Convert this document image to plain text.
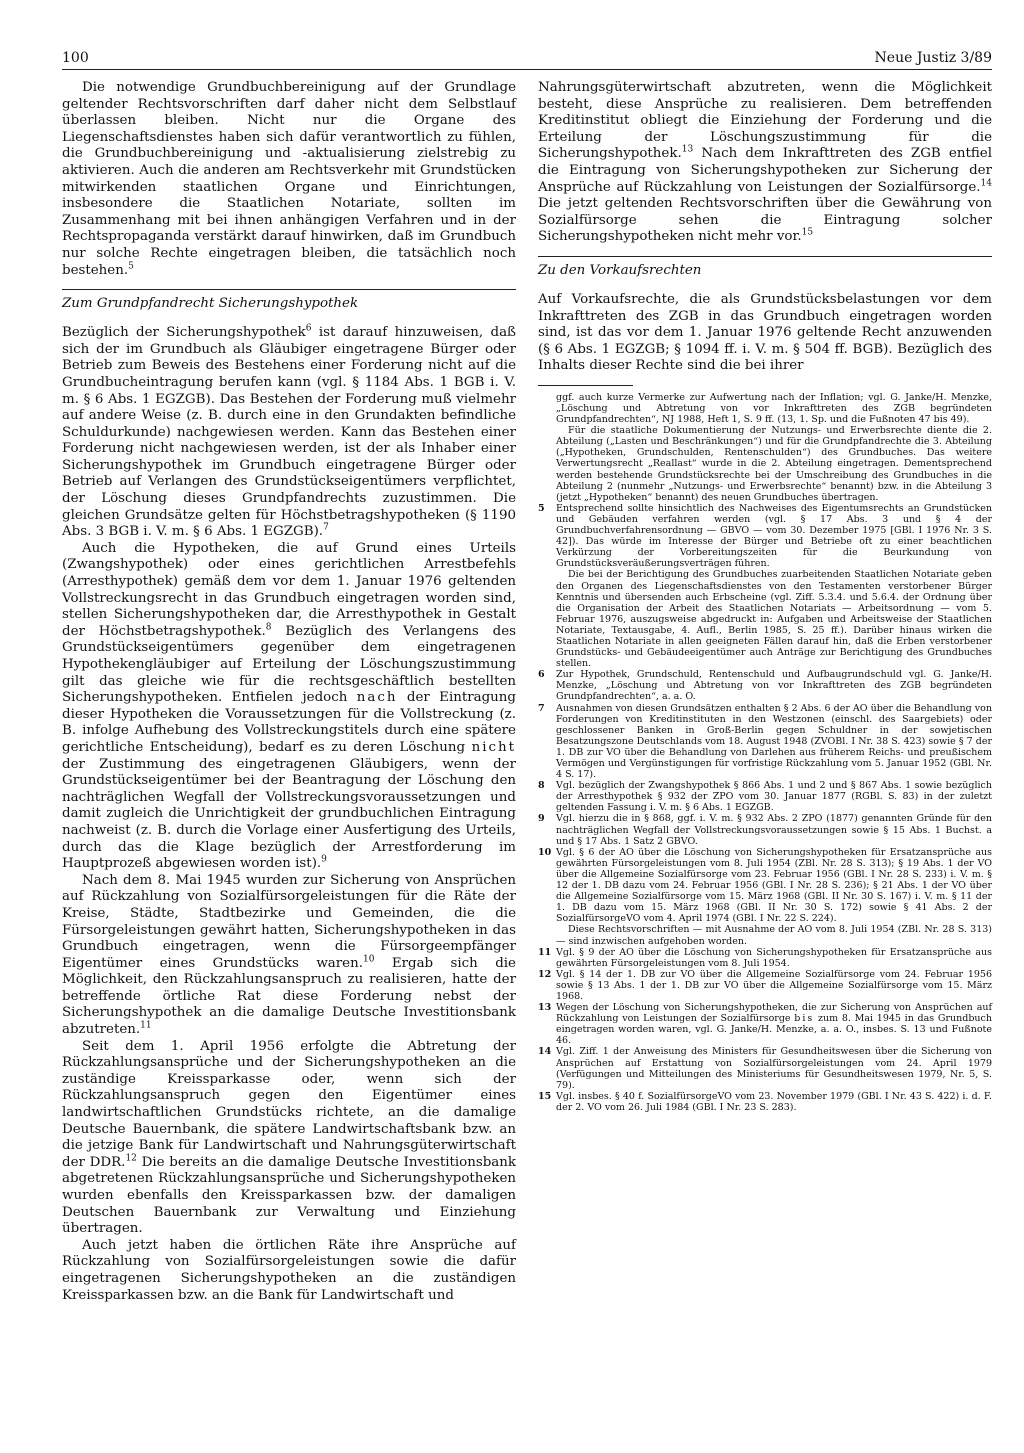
100	Neue Justiz 3/89

Die notwendige Grundbuchbereinigung auf der Grundlage geltender Rechtsvorschriften darf daher nicht dem Selbstlauf überlassen bleiben. Nicht nur die Organe des Liegenschaftsdienstes haben sich dafür verantwortlich zu fühlen, die Grundbuchbereinigung und -aktualisierung zielstrebig zu aktivieren. Auch die anderen am Rechtsverkehr mit Grundstücken mitwirkenden staatlichen Organe und Einrichtungen, insbesondere die Staatlichen Notariate, sollten im Zusammenhang mit bei ihnen anhängigen Verfahren und in der Rechtspropaganda verstärkt darauf hinwirken, daß im Grundbuch nur solche Rechte eingetragen bleiben, die tatsächlich noch bestehen.$^5$

Zum Grundpfandrecht Sicherungshypothek

Bezüglich der Sicherungshypothek$^6$ ist darauf hinzuweisen, daß sich der im Grundbuch als Gläubiger eingetragene Bürger oder Betrieb zum Beweis des Bestehens einer Forderung nicht auf die Grundbucheintragung berufen kann (vgl. § 1184 Abs. 1 BGB i. V. m. § 6 Abs. 1 EGZGB). Das Bestehen der Forderung muß vielmehr auf andere Weise (z. B. durch eine in den Grundakten befindliche Schuldurkunde) nachgewiesen werden. Kann das Bestehen einer Forderung nicht nachgewiesen werden, ist der als Inhaber einer Sicherungshypothek im Grundbuch eingetragene Bürger oder Betrieb auf Verlangen des Grundstückseigentümers verpflichtet, der Löschung dieses Grundpfandrechts zuzustimmen. Die gleichen Grundsätze gelten für Höchstbetragshypotheken (§ 1190 Abs. 3 BGB i. V. m. § 6 Abs. 1 EGZGB).$^7$

Auch die Hypotheken, die auf Grund eines Urteils (Zwangshypothek) oder eines gerichtlichen Arrestbefehls (Arresthypothek) gemäß dem vor dem 1. Januar 1976 geltenden Vollstreckungsrecht in das Grundbuch eingetragen worden sind, stellen Sicherungshypotheken dar, die Arresthypothek in Gestalt der Höchstbetragshypothek.$^8$ Bezüglich des Verlangens des Grundstückseigentümers gegenüber dem eingetragenen Hypothekengläubiger auf Erteilung der Löschungszustimmung gilt das gleiche wie für die rechtsgeschäftlich bestellten Sicherungshypotheken. Entfielen jedoch nach der Eintragung dieser Hypotheken die Voraussetzungen für die Vollstreckung (z. B. infolge Aufhebung des Vollstreckungstitels durch eine spätere gerichtliche Entscheidung), bedarf es zu deren Löschung nicht der Zustimmung des eingetragenen Gläubigers, wenn der Grundstückseigentümer bei der Beantragung der Löschung den nachträglichen Wegfall der Vollstreckungsvoraussetzungen und damit zugleich die Unrichtigkeit der grundbuchlichen Eintragung nachweist (z. B. durch die Vorlage einer Ausfertigung des Urteils, durch das die Klage bezüglich der Arrestforderung im Hauptprozeß abgewiesen worden ist).$^9$

Nach dem 8. Mai 1945 wurden zur Sicherung von Ansprüchen auf Rückzahlung von Sozialfürsorgeleistungen für die Räte der Kreise, Städte, Stadtbezirke und Gemeinden, die die Fürsorgeleistungen gewährt hatten, Sicherungshypotheken in das Grundbuch eingetragen, wenn die Fürsorgeempfänger Eigentümer eines Grundstücks waren.$^{10}$ Ergab sich die Möglichkeit, den Rückzahlungsanspruch zu realisieren, hatte der betreffende örtliche Rat diese Forderung nebst der Sicherungshypothek an die damalige Deutsche Investitionsbank abzutreten.$^{11}$

Seit dem 1. April 1956 erfolgte die Abtretung der Rückzahlungsansprüche und der Sicherungshypotheken an die zuständige Kreissparkasse oder, wenn sich der Rückzahlungsanspruch gegen den Eigentümer eines landwirtschaftlichen Grundstücks richtete, an die damalige Deutsche Bauernbank, die spätere Landwirtschaftsbank bzw. an die jetzige Bank für Landwirtschaft und Nahrungsgüterwirtschaft der DDR.$^{12}$ Die bereits an die damalige Deutsche Investitionsbank abgetretenen Rückzahlungsansprüche und Sicherungshypotheken wurden ebenfalls den Kreissparkassen bzw. der damaligen Deutschen Bauernbank zur Verwaltung und Einziehung übertragen.

Auch jetzt haben die örtlichen Räte ihre Ansprüche auf Rückzahlung von Sozialfürsorgeleistungen sowie die dafür eingetragenen Sicherungshypotheken an die zuständigen Kreissparkassen bzw. an die Bank für Landwirtschaft und

Nahrungsgüterwirtschaft abzutreten, wenn die Möglichkeit besteht, diese Ansprüche zu realisieren. Dem betreffenden Kreditinstitut obliegt die Einziehung der Forderung und die Erteilung der Löschungszustimmung für die Sicherungshypothek.$^{13}$ Nach dem Inkrafttreten des ZGB entfiel die Eintragung von Sicherungshypotheken zur Sicherung der Ansprüche auf Rückzahlung von Leistungen der Sozialfürsorge.$^{14}$ Die jetzt geltenden Rechtsvorschriften über die Gewährung von Sozialfürsorge sehen die Eintragung solcher Sicherungshypotheken nicht mehr vor.$^{15}$

Zu den Vorkaufsrechten

Auf Vorkaufsrechte, die als Grundstücksbelastungen vor dem Inkrafttreten des ZGB in das Grundbuch eingetragen worden sind, ist das vor dem 1. Januar 1976 geltende Recht anzuwenden (§ 6 Abs. 1 EGZGB; § 1094 ff. i. V. m. § 504 ff. BGB). Bezüglich des Inhalts dieser Rechte sind die bei ihrer

ggf. auch kurze Vermerke zur Aufwertung nach der Inflation; vgl. G. Janke/H. Menzke, „Löschung und Abtretung von vor Inkrafttreten des ZGB begründeten Grundpfandrechten“, NJ 1988, Heft 1, S. 9 ff. (13, 1. Sp. und die Fußnoten 47 bis 49).
Für die staatliche Dokumentierung der Nutzungs- und Erwerbsrechte diente die 2. Abteilung („Lasten und Beschränkungen“) und für die Grundpfandrechte die 3. Abteilung („Hypotheken, Grundschulden, Rentenschulden“) des Grundbuches. Das weitere Verwertungsrecht „Reallast“ wurde in die 2. Abteilung eingetragen. Dementsprechend werden bestehende Grundstücksrechte bei der Umschreibung des Grundbuches in die Abteilung 2 (nunmehr „Nutzungs- und Erwerbsrechte“ benannt) bzw. in die Abteilung 3 (jetzt „Hypotheken“ benannt) des neuen Grundbuches übertragen.
5	Entsprechend sollte hinsichtlich des Nachweises des Eigentumsrechts an Grundstücken und Gebäuden verfahren werden (vgl. § 17 Abs. 3 und § 4 der Grundbuchverfahrensordnung — GBVO — vom 30. Dezember 1975 [GBl. I 1976 Nr. 3 S. 42]). Das würde im Interesse der Bürger und Betriebe oft zu einer beachtlichen Verkürzung der Vorbereitungszeiten für die Beurkundung von Grundstücksveräußerungsverträgen führen.
Die bei der Berichtigung des Grundbuches zuarbeitenden Staatlichen Notariate geben den Organen des Liegenschaftsdienstes von den Testamenten verstorbener Bürger Kenntnis und übersenden auch Erbscheine (vgl. Ziff. 5.3.4. und 5.6.4. der Ordnung über die Organisation der Arbeit des Staatlichen Notariats — Arbeitsordnung — vom 5. Februar 1976, auszugsweise abgedruckt in: Aufgaben und Arbeitsweise der Staatlichen Notariate, Textausgabe, 4. Aufl., Berlin 1985, S. 25 ff.). Darüber hinaus wirken die Staatlichen Notariate in allen geeigneten Fällen darauf hin, daß die Erben verstorbener Grundstücks- und Gebäudeeigentümer auch Anträge zur Berichtigung des Grundbuches stellen.
6	Zur Hypothek, Grundschuld, Rentenschuld und Aufbaugrundschuld vgl. G. Janke/H. Menzke, „Löschung und Abtretung von vor Inkrafttreten des ZGB begründeten Grundpfandrechten“, a. a. O.
7	Ausnahmen von diesen Grundsätzen enthalten § 2 Abs. 6 der AO über die Behandlung von Forderungen von Kreditinstituten in den Westzonen (einschl. des Saargebiets) oder geschlossener Banken in Groß-Berlin gegen Schuldner in der sowjetischen Besatzungszone Deutschlands vom 18. August 1948 (ZVOBl. I Nr. 38 S. 423) sowie § 7 der 1. DB zur VO über die Behandlung von Darlehen aus früherem Reichs- und preußischem Vermögen und Vergünstigungen für vorfristige Rückzahlung vom 5. Januar 1952 (GBl. Nr. 4 S. 17).
8	Vgl. bezüglich der Zwangshypothek § 866 Abs. 1 und 2 und § 867 Abs. 1 sowie bezüglich der Arresthypothek § 932 der ZPO vom 30. Januar 1877 (RGBl. S. 83) in der zuletzt geltenden Fassung i. V. m. § 6 Abs. 1 EGZGB.
9	Vgl. hierzu die in § 868, ggf. i. V. m. § 932 Abs. 2 ZPO (1877) genannten Gründe für den nachträglichen Wegfall der Vollstreckungsvoraussetzungen sowie § 15 Abs. 1 Buchst. a und § 17 Abs. 1 Satz 2 GBVO.
10 Vgl. § 6 der AO über die Löschung von Sicherungshypotheken für Ersatzansprüche aus gewährten Fürsorgeleistungen vom 8. Juli 1954 (ZBl. Nr. 28 S. 313); § 19 Abs. 1 der VO über die Allgemeine Sozialfürsorge vom 23. Februar 1956 (GBl. I Nr. 28 S. 233) i. V. m. § 12 der 1. DB dazu vom 24. Februar 1956 (GBl. I Nr. 28 S. 236); § 21 Abs. 1 der VO über die Allgemeine Sozialfürsorge vom 15. März 1968 (GBl. II Nr. 30 S. 167) i. V. m. § 11 der 1. DB dazu vom 15. März 1968 (GBl. II Nr. 30 S. 172) sowie § 41 Abs. 2 der SozialfürsorgeVO vom 4. April 1974 (GBl. I Nr. 22 S. 224).
Diese Rechtsvorschriften — mit Ausnahme der AO vom 8. Juli 1954 (ZBl. Nr. 28 S. 313) — sind inzwischen aufgehoben worden.
11 Vgl. § 9 der AO über die Löschung von Sicherungshypotheken für Ersatzansprüche aus gewährten Fürsorgeleistungen vom 8. Juli 1954.
12 Vgl. § 14 der 1. DB zur VO über die Allgemeine Sozialfürsorge vom 24. Februar 1956 sowie § 13 Abs. 1 der 1. DB zur VO über die Allgemeine Sozialfürsorge vom 15. März 1968.
13 Wegen der Löschung von Sicherungshypotheken, die zur Sicherung von Ansprüchen auf Rückzahlung von Leistungen der Sozialfürsorge bis zum 8. Mai 1945 in das Grundbuch eingetragen worden waren, vgl. G. Janke/H. Menzke, a. a. O., insbes. S. 13 und Fußnote 46.
14 Vgl. Ziff. 1 der Anweisung des Ministers für Gesundheitswesen über die Sicherung von Ansprüchen auf Erstattung von Sozialfürsorgeleistungen vom 24. April 1979 (Verfügungen und Mitteilungen des Ministeriums für Gesundheitswesen 1979, Nr. 5, S. 79).
15 Vgl. insbes. § 40 f. SozialfürsorgeVO vom 23. November 1979 (GBl. I Nr. 43 S. 422) i. d. F. der 2. VO vom 26. Juli 1984 (GBl. I Nr. 23 S. 283).
